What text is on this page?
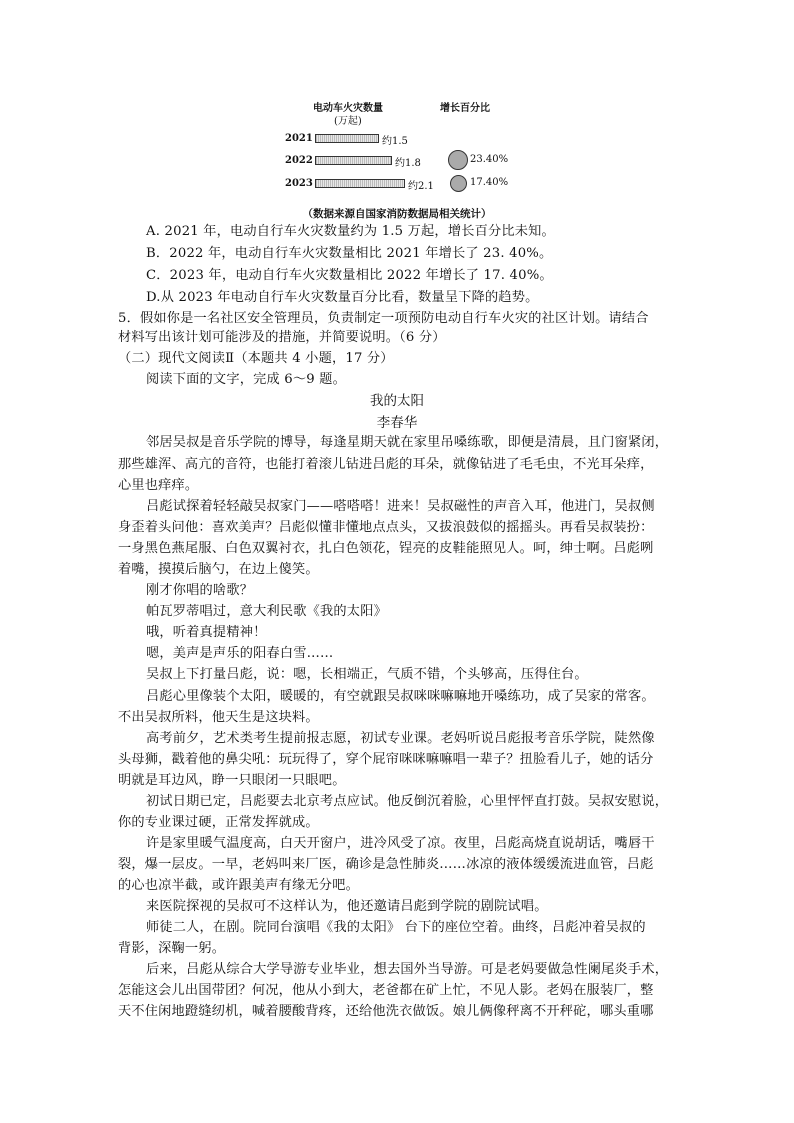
电动车火灾数量
(万起)
增长百分比
2021
2022
2023
约1.5
约1.8
约2.1
23.40%
17.40%
（数据来源自国家消防数据局相关统计）
A. 2021 年，电动自行车火灾数量约为 1.5 万起，增长百分比未知。
B．2022 年，电动自行车火灾数量相比 2021 年增长了 23. 40%。
C．2023 年，电动自行车火灾数量相比 2022 年增长了 17. 40%。
D.从 2023 年电动自行车火灾数量百分比看，数量呈下降的趋势。
5．假如你是一名社区安全管理员，负责制定一项预防电动自行车火灾的社区计划。请结合
材料写出该计划可能涉及的措施，并简要说明。（6 分）
（二）现代文阅读Ⅱ（本题共 4 小题，17 分）
阅读下面的文字，完成 6～9 题。
我的太阳
李春华
邻居吴叔是音乐学院的博导，每逢星期天就在家里吊嗓练歌，即便是清晨，且门窗紧闭，
那些雄浑、高亢的音符，也能打着滚儿钻进吕彪的耳朵，就像钻进了毛毛虫，不光耳朵痒，
心里也痒痒。
吕彪试探着轻轻敲吴叔家门——嗒嗒嗒！进来！吴叔磁性的声音入耳，他进门，吴叔侧
身歪着头问他：喜欢美声？吕彪似懂非懂地点点头，又拔浪鼓似的摇摇头。再看吴叔装扮：
一身黑色燕尾服、白色双翼衬衣，扎白色领花，锃亮的皮鞋能照见人。呵，绅士啊。吕彪咧
着嘴，摸摸后脑勺，在边上傻笑。
刚才你唱的啥歌？
帕瓦罗蒂唱过，意大利民歌《我的太阳》
哦，听着真提精神！
嗯，美声是声乐的阳春白雪……
吴叔上下打量吕彪，说：嗯，长相端正，气质不错，个头够高，压得住台。
吕彪心里像装个太阳，暖暖的，有空就跟吴叔咪咪嘛嘛地开嗓练功，成了吴家的常客。
不出吴叔所料，他天生是这块料。
高考前夕，艺术类考生提前报志愿，初试专业课。老妈听说吕彪报考音乐学院，陡然像
头母狮，戳着他的鼻尖吼：玩玩得了，穿个屁帘咪咪嘛嘛唱一辈子？扭脸看儿子，她的话分
明就是耳边风，睁一只眼闭一只眼吧。
初试日期已定，吕彪要去北京考点应试。他反倒沉着脸，心里怦怦直打鼓。吴叔安慰说，
你的专业课过硬，正常发挥就成。
许是家里暖气温度高，白天开窗户，进冷风受了凉。夜里，吕彪高烧直说胡话，嘴唇干
裂，爆一层皮。一早，老妈叫来厂医，确诊是急性肺炎……冰凉的液体缓缓流进血管，吕彪
的心也凉半截，或许跟美声有缘无分吧。
来医院探视的吴叔可不这样认为，他还邀请吕彪到学院的剧院试唱。
师徒二人，在剧。院同台演唱《我的太阳》 台下的座位空着。曲终，吕彪冲着吴叔的
背影，深鞠一躬。
后来，吕彪从综合大学导游专业毕业，想去国外当导游。可是老妈要做急性阑尾炎手术，
怎能这会儿出国带团？何况，他从小到大，老爸都在矿上忙，不见人影。老妈在服装厂，整
天不住闲地蹬缝纫机，喊着腰酸背疼，还给他洗衣做饭。娘儿俩像秤离不开秤砣，哪头重哪
